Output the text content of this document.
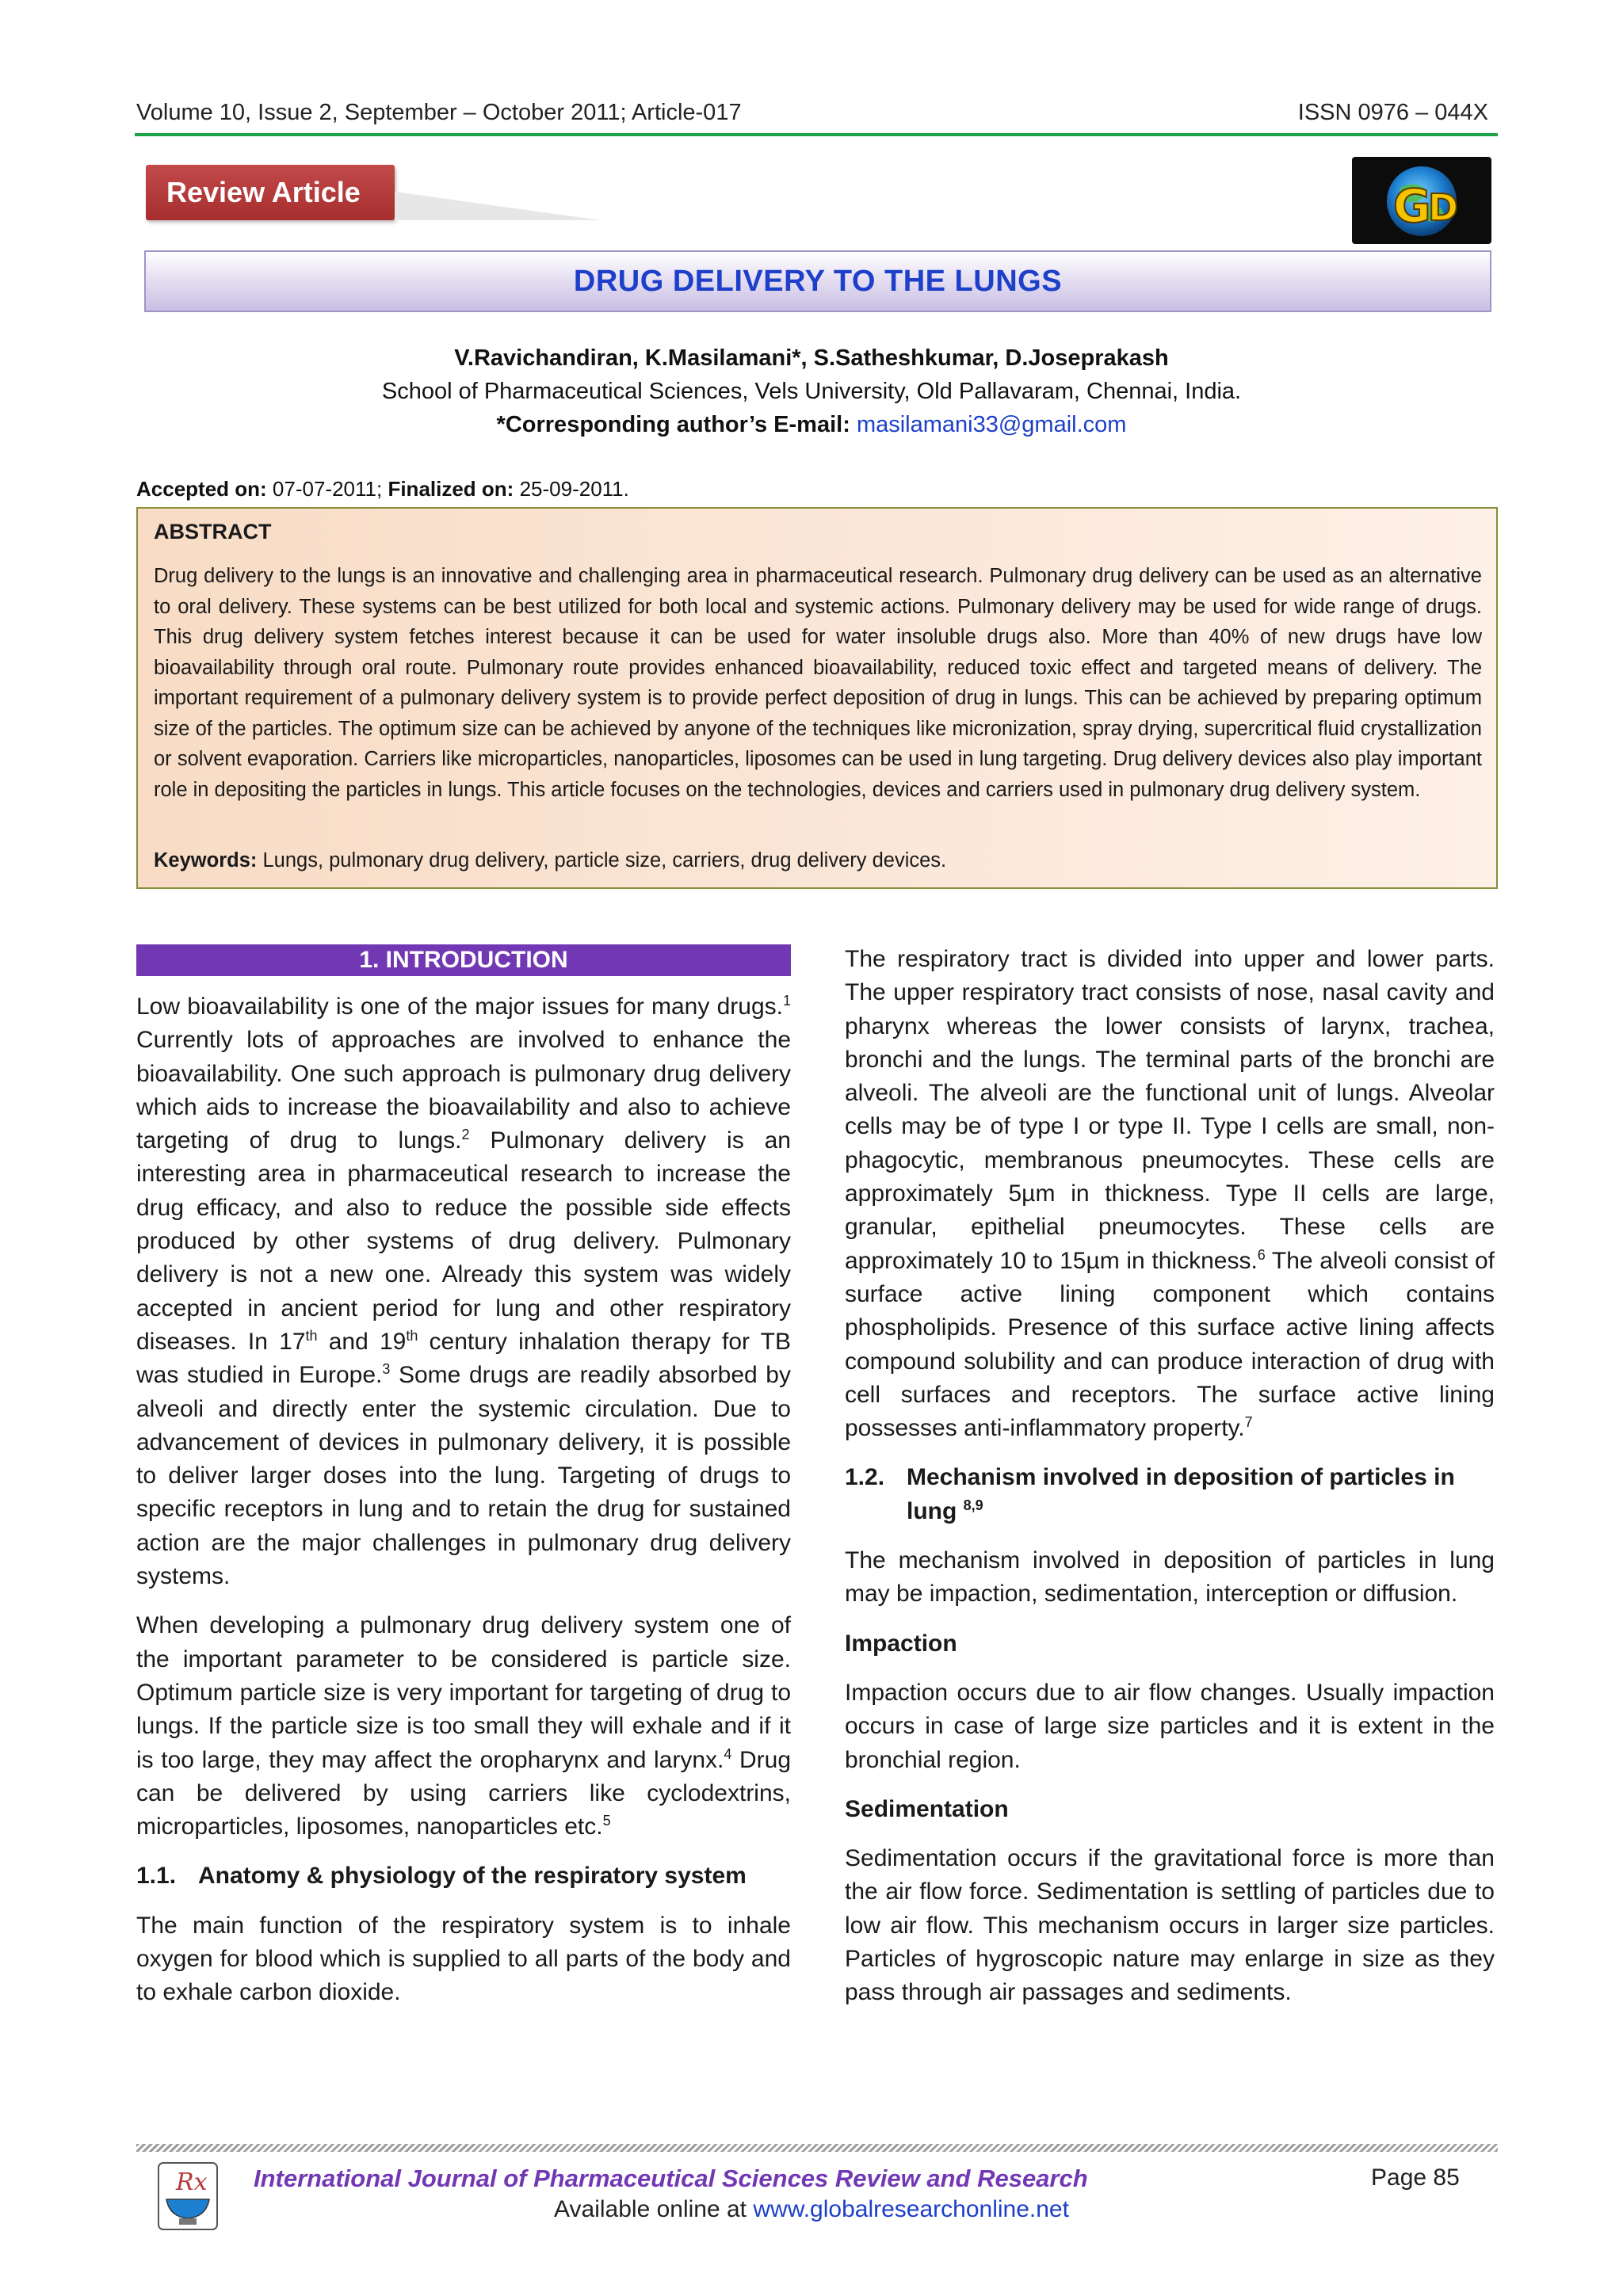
Volume 10, Issue 2, September – October 2011; Article-017	ISSN 0976 – 044X
Review Article	G
D
DRUG DELIVERY TO THE LUNGS
V.Ravichandiran, K.Masilamani*, S.Satheshkumar, D.Joseprakash
School of Pharmaceutical Sciences, Vels University, Old Pallavaram, Chennai, India.
*Corresponding author’s E-mail: masilamani33@gmail.com
Accepted on: 07-07-2011; Finalized on: 25-09-2011.
ABSTRACT
Drug delivery to the lungs is an innovative and challenging area in pharmaceutical research. Pulmonary drug delivery can be used as an alternative to oral delivery. These systems can be best utilized for both local and systemic actions. Pulmonary delivery may be used for wide range of drugs. This drug delivery system fetches interest because it can be used for water insoluble drugs also. More than 40% of new drugs have low bioavailability through oral route. Pulmonary route provides enhanced bioavailability, reduced toxic effect and targeted means of delivery. The important requirement of a pulmonary delivery system is to provide perfect deposition of drug in lungs. This can be achieved by preparing optimum size of the particles. The optimum size can be achieved by anyone of the techniques like micronization, spray drying, supercritical fluid crystallization or solvent evaporation. Carriers like microparticles, nanoparticles, liposomes can be used in lung targeting. Drug delivery devices also play important role in depositing the particles in lungs. This article focuses on the technologies, devices and carriers used in pulmonary drug delivery system.
Keywords: Lungs, pulmonary drug delivery, particle size, carriers, drug delivery devices.
1. INTRODUCTION

Low bioavailability is one of the major issues for many drugs.$^1$ Currently lots of approaches are involved to enhance the bioavailability. One such approach is pulmonary drug delivery which aids to increase the bioavailability and also to achieve targeting of drug to lungs.$^2$ Pulmonary delivery is an interesting area in pharmaceutical research to increase the drug efficacy, and also to reduce the possible side effects produced by other systems of drug delivery. Pulmonary delivery is not a new one. Already this system was widely accepted in ancient period for lung and other respiratory diseases. In 17th and 19th century inhalation therapy for TB was studied in Europe.$^3$ Some drugs are readily absorbed by alveoli and directly enter the systemic circulation. Due to advancement of devices in pulmonary delivery, it is possible to deliver larger doses into the lung. Targeting of drugs to specific receptors in lung and to retain the drug for sustained action are the major challenges in pulmonary drug delivery systems.

When developing a pulmonary drug delivery system one of the important parameter to be considered is particle size. Optimum particle size is very important for targeting of drug to lungs. If the particle size is too small they will exhale and if it is too large, they may affect the oropharynx and larynx.$^4$ Drug can be delivered by using carriers like cyclodextrins, microparticles, liposomes, nanoparticles etc.$^5$

1.1. Anatomy & physiology of the respiratory system

The main function of the respiratory system is to inhale oxygen for blood which is supplied to all parts of the body and to exhale carbon dioxide.

The respiratory tract is divided into upper and lower parts. The upper respiratory tract consists of nose, nasal cavity and pharynx whereas the lower consists of larynx, trachea, bronchi and the lungs. The terminal parts of the bronchi are alveoli. The alveoli are the functional unit of lungs. Alveolar cells may be of type I or type II. Type I cells are small, non-phagocytic, membranous pneumocytes. These cells are approximately 5µm in thickness. Type II cells are large, granular, epithelial pneumocytes. These cells are approximately 10 to 15µm in thickness.$^6$ The alveoli consist of surface active lining component which contains phospholipids. Presence of this surface active lining affects compound solubility and can produce interaction of drug with cell surfaces and receptors. The surface active lining possesses anti-inflammatory property.$^7$

1.2. Mechanism involved in deposition of particles in lung $^{8,9}$

The mechanism involved in deposition of particles in lung may be impaction, sedimentation, interception or diffusion.

Impaction

Impaction occurs due to air flow changes. Usually impaction occurs in case of large size particles and it is extent in the bronchial region.

Sedimentation

Sedimentation occurs if the gravitational force is more than the air flow force. Sedimentation is settling of particles due to low air flow. This mechanism occurs in larger size particles. Particles of hygroscopic nature may enlarge in size as they pass through air passages and sediments.

Rx International Journal of Pharmaceutical Sciences Review and Research	Page 85
Available online at www.globalresearchonline.net
